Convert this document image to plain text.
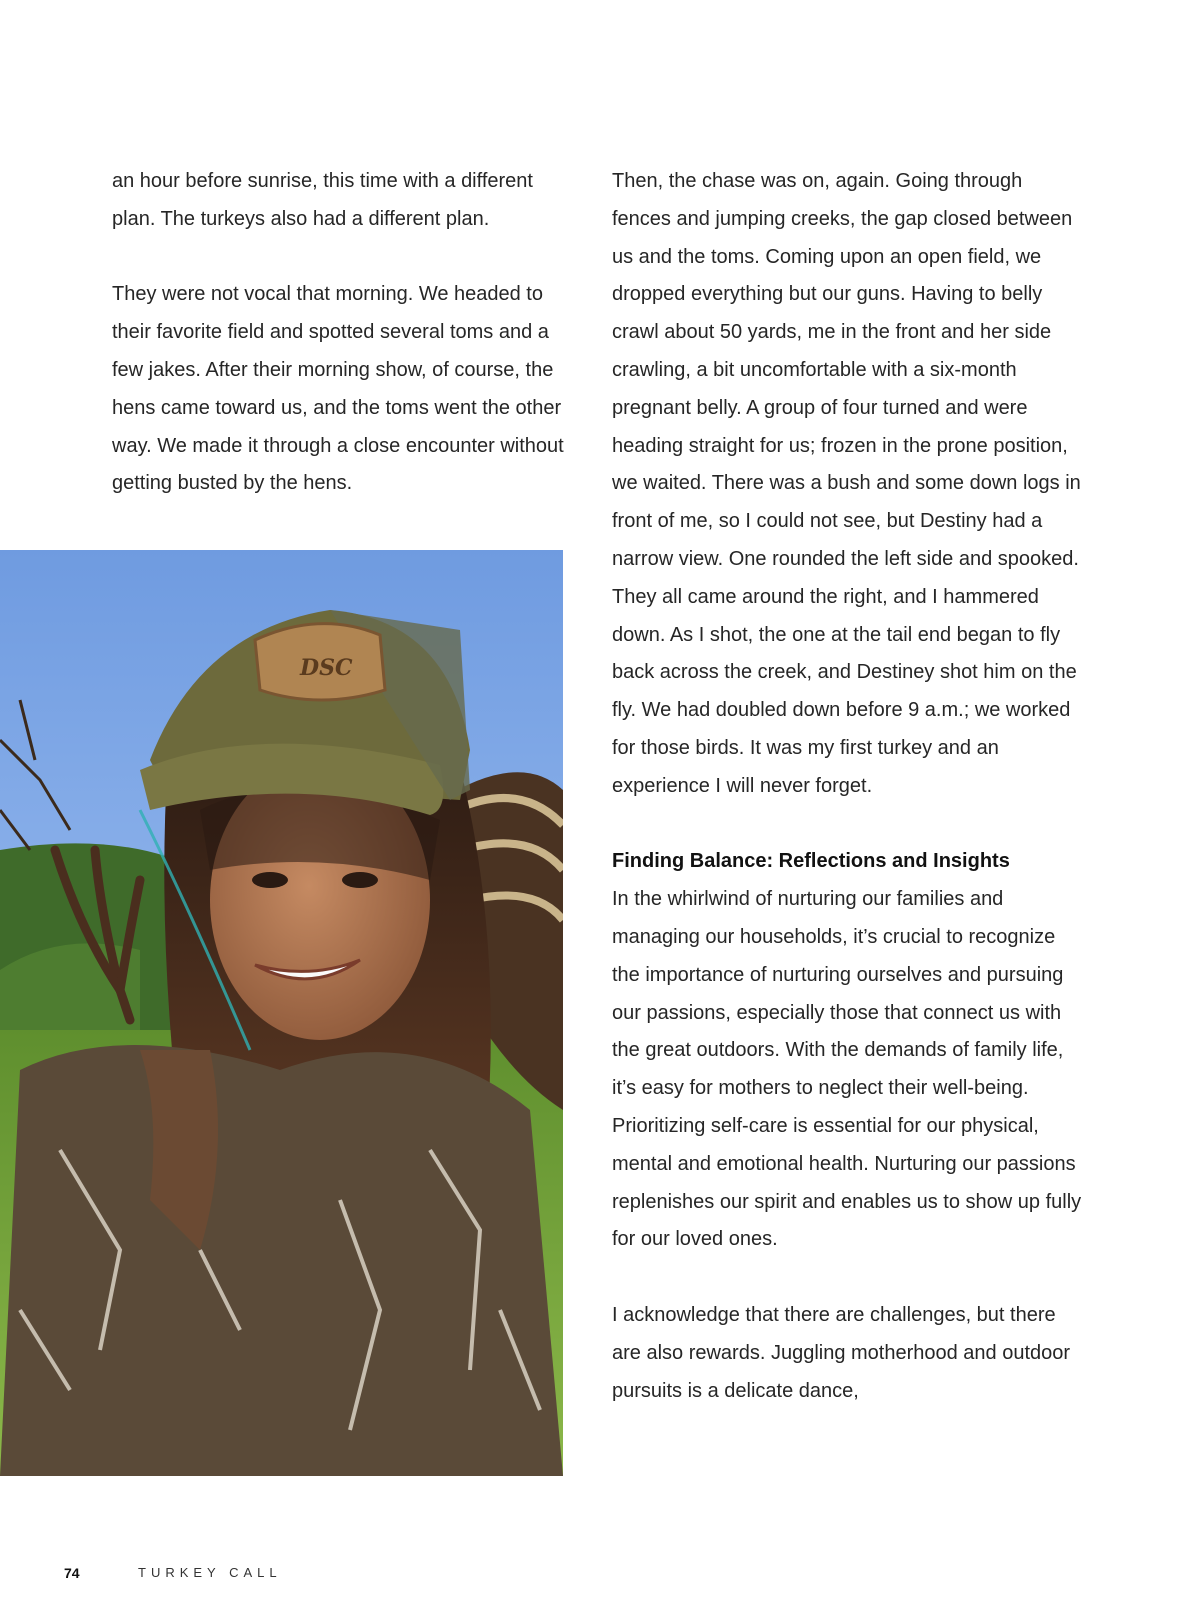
an hour before sunrise, this time with a different plan. The turkeys also had a different plan.

They were not vocal that morning. We headed to their favorite field and spotted several toms and a few jakes. After their morning show, of course, the hens came toward us, and the toms went the other way. We made it through a close encounter without getting busted by the hens.

DSC

Then, the chase was on, again. Going through fences and jumping creeks, the gap closed between us and the toms. Coming upon an open field, we dropped everything but our guns. Having to belly crawl about 50 yards, me in the front and her side crawling, a bit uncomfortable with a six-month pregnant belly. A group of four turned and were heading straight for us; frozen in the prone position, we waited. There was a bush and some down logs in front of me, so I could not see, but Destiny had a narrow view. One rounded the left side and spooked. They all came around the right, and I hammered down. As I shot, the one at the tail end began to fly back across the creek, and Destiney shot him on the fly. We had doubled down before 9 a.m.; we worked for those birds. It was my first turkey and an experience I will never forget.

Finding Balance: Reflections and Insights
In the whirlwind of nurturing our families and managing our households, it’s crucial to recognize the importance of nurturing ourselves and pursuing our passions, especially those that connect us with the great outdoors. With the demands of family life, it’s easy for mothers to neglect their well-being. Prioritizing self-care is essential for our physical, mental and emotional health. Nurturing our passions replenishes our spirit and enables us to show up fully for our loved ones.

I acknowledge that there are challenges, but there are also rewards. Juggling motherhood and outdoor pursuits is a delicate dance,

74	TURKEY CALL
